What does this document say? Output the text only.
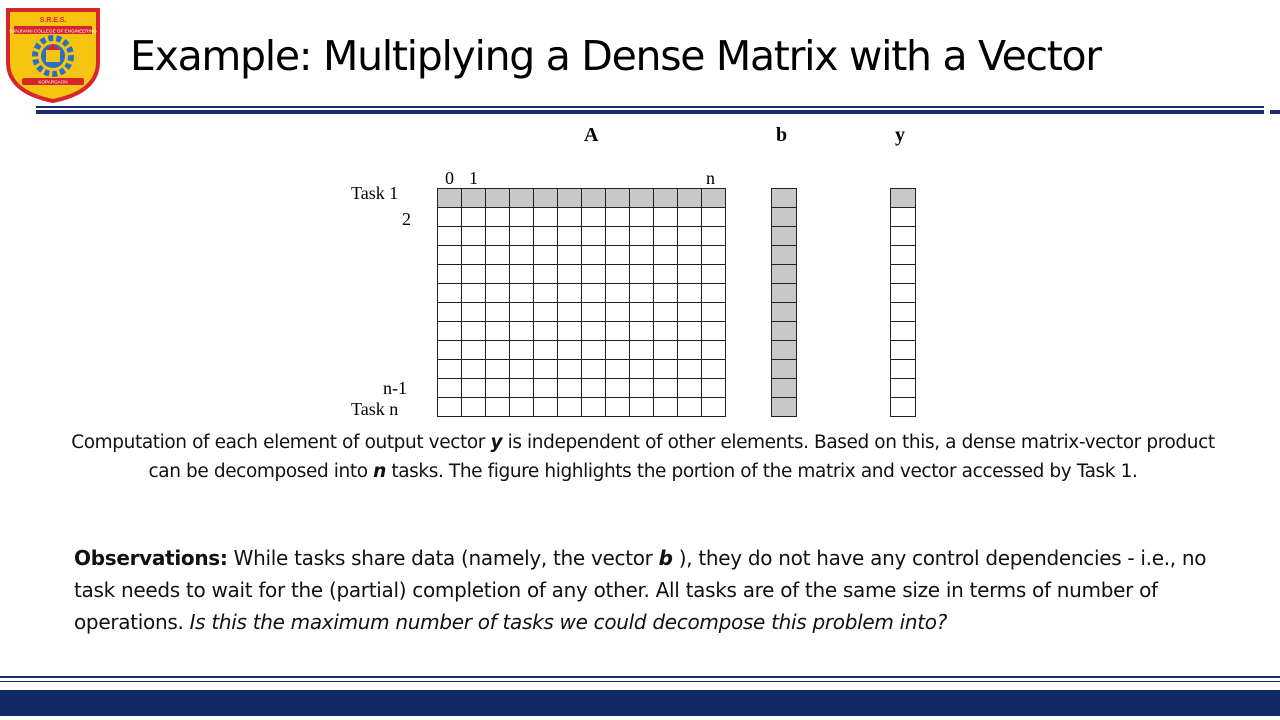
S.R.E.S.
SANJIVANI COLLEGE OF ENGINEERING
KOPARGAON
Example: Multiplying a Dense Matrix with a Vector
A	b	y
0 1	n
Task 1
2
n-1
Task n

Computation of each element of output vector y is independent of other elements. Based on this, a dense matrix-vector product can be decomposed into n tasks. The figure highlights the portion of the matrix and vector accessed by Task 1.

Observations: While tasks share data (namely, the vector b ), they do not have any control dependencies - i.e., no task needs to wait for the (partial) completion of any other. All tasks are of the same size in terms of number of operations. Is this the maximum number of tasks we could decompose this problem into?
